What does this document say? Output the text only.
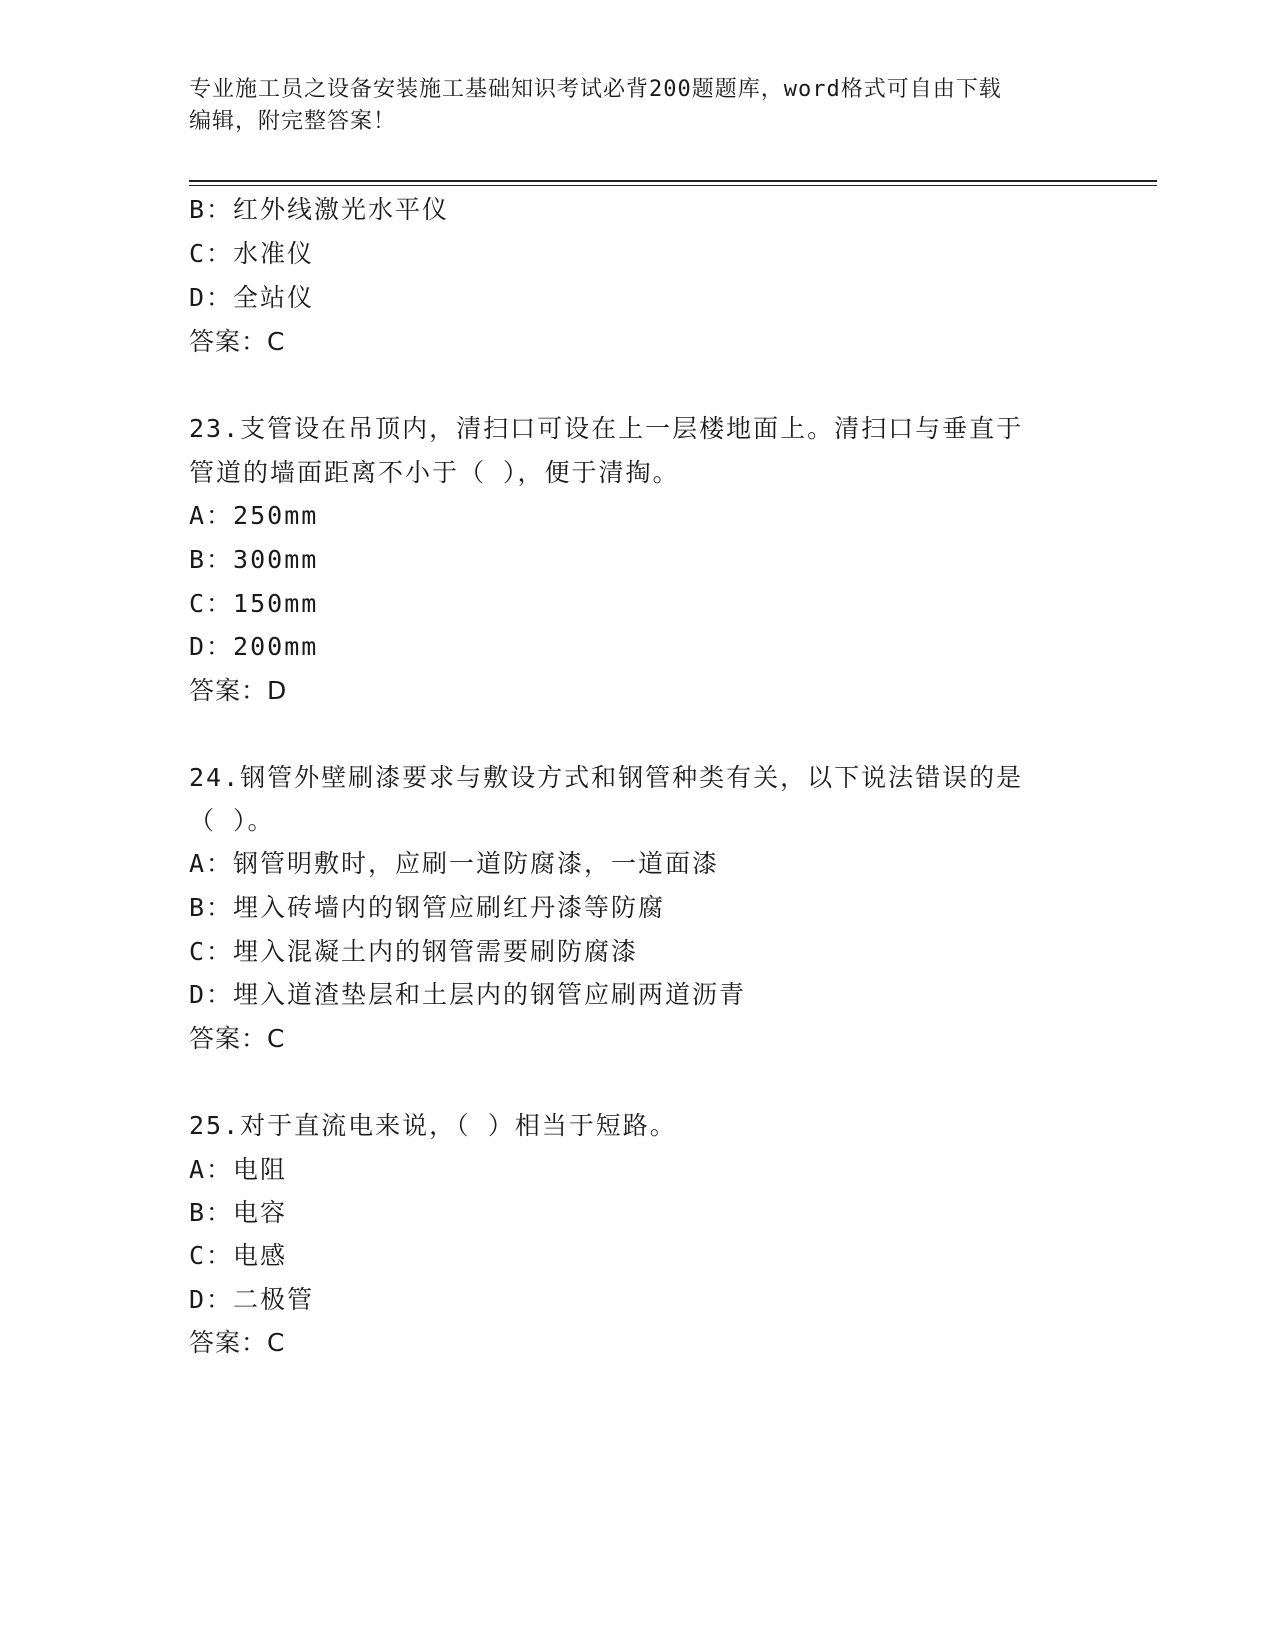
专业施工员之设备安装施工基础知识考试必背200题题库，word格式可自由下载
编辑，附完整答案！
B：红外线激光水平仪
C：水准仪
D：全站仪
答案：C
23.支管设在吊顶内，清扫口可设在上一层楼地面上。清扫口与垂直于
管道的墙面距离不小于（ ），便于清掏。
A：250mm
B：300mm
C：150mm
D：200mm
答案：D
24.钢管外壁刷漆要求与敷设方式和钢管种类有关，以下说法错误的是
（ ）。
A：钢管明敷时，应刷一道防腐漆，一道面漆
B：埋入砖墙内的钢管应刷红丹漆等防腐
C：埋入混凝土内的钢管需要刷防腐漆
D：埋入道渣垫层和土层内的钢管应刷两道沥青
答案：C
25.对于直流电来说，（ ）相当于短路。
A：电阻
B：电容
C：电感
D：二极管
答案：C
